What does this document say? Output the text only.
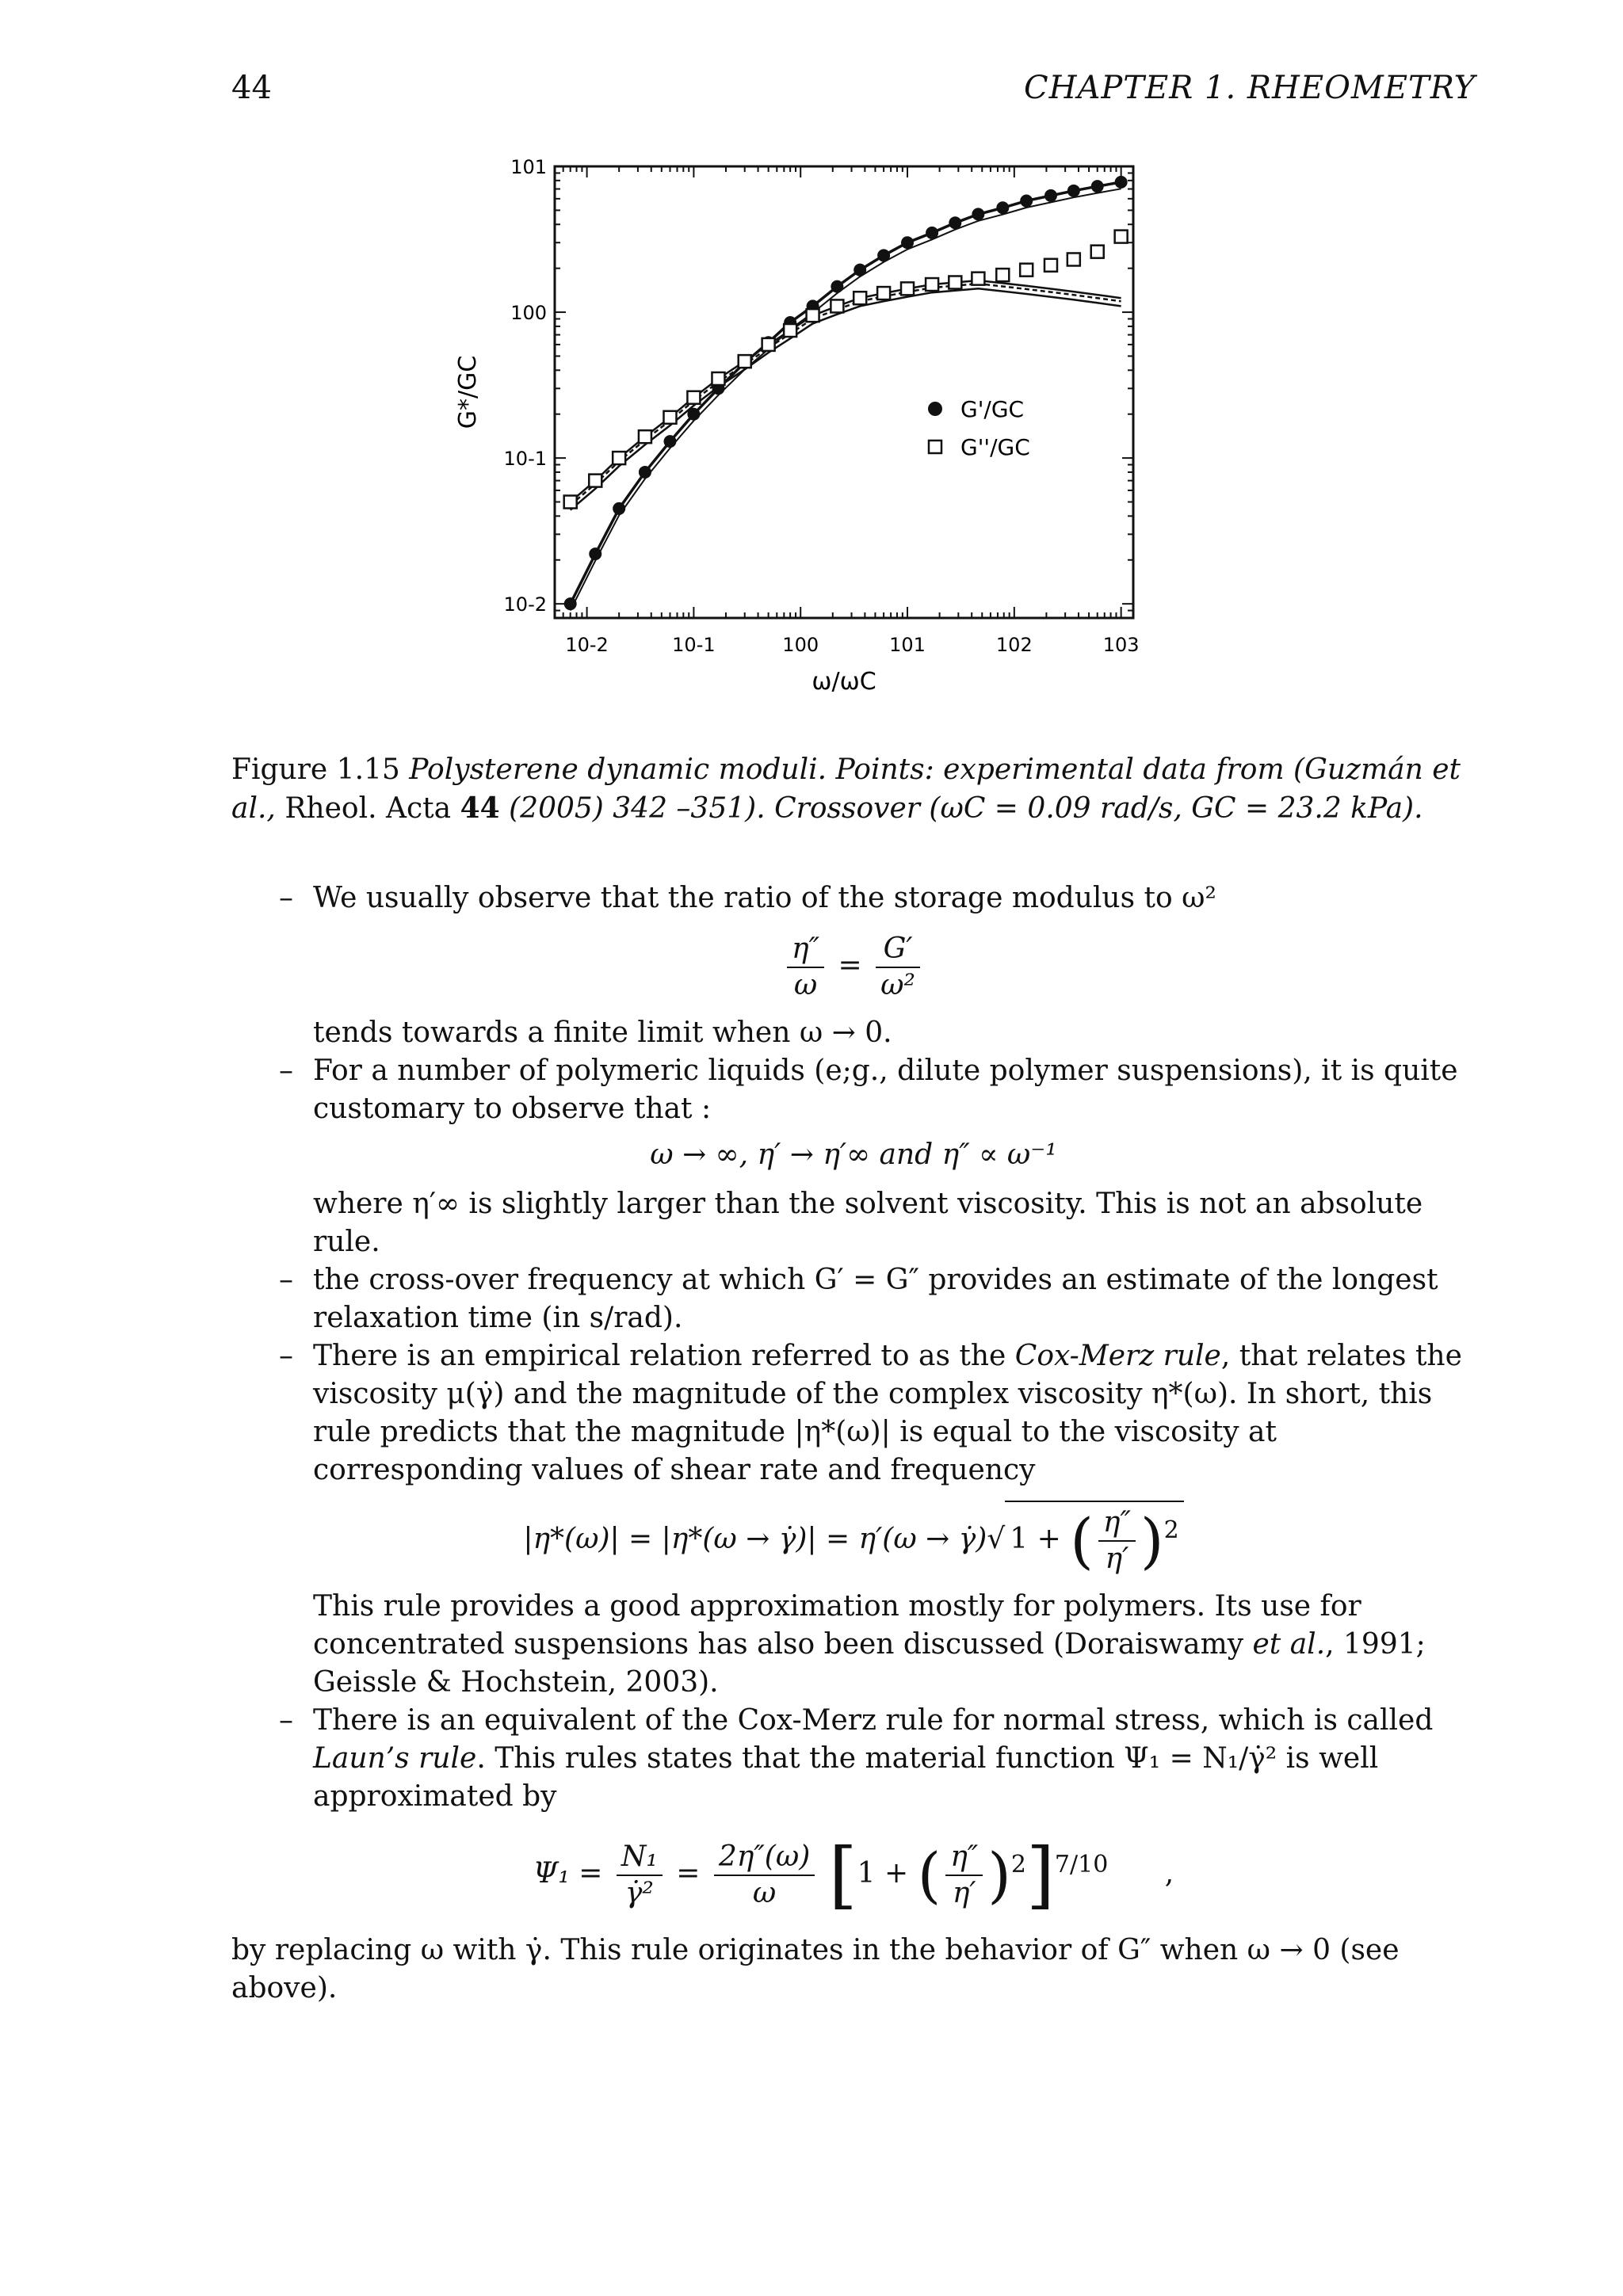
44	CHAPTER 1. RHEOMETRY
10-2	10-1	100	101	102	103
10-2
10-1
100
101
ω/ωC
G*/GC	G'/GC
G''/GC
Figure 1.15 Polysterene dynamic moduli. Points: experimental data from (Guzmán et al., Rheol. Acta 44 (2005) 342 –351). Crossover (ωC = 0.09 rad/s, GC = 23.2 kPa).
– We usually observe that the ratio of the storage modulus to ω²

$\frac{\eta''}{\omega} = \frac{G'}{\text{ω²}}$

tends towards a finite limit when ω → 0.

– For a number of polymeric liquids (e;g., dilute polymer suspensions), it is quite customary to observe that :

ω → ∞, η′ → η′∞ and η″ ∝ ω⁻¹

where η′∞ is slightly larger than the solvent viscosity. This is not an absolute rule.

– the cross-over frequency at which G′ = G″ provides an estimate of the longest relaxation time (in s/rad).

– There is an empirical relation referred to as the Cox-Merz rule, that relates the viscosity μ(γ̇) and the magnitude of the complex viscosity η*(ω). In short, this rule predicts that the magnitude |η*(ω)| is equal to the viscosity at corresponding values of shear rate and frequency

|η*(ω)| = |η*(ω → γ̇)| = η′(ω → γ̇)√ 1 + ( $\frac{\eta''}{\eta'} )^2$

This rule provides a good approximation mostly for polymers. Its use for concentrated suspensions has also been discussed (Doraiswamy et al., 1991; Geissle & Hochstein, 2003).

– There is an equivalent of the Cox-Merz rule for normal stress, which is called Laun’s rule. This rules states that the material function Ψ₁ = N₁/γ̇² is well approximated by

$\Psi_1 = \frac{\text{N₁}}{\text{γ̇²}} = \frac{2\eta''(\omega)}{\omega} [1$ + ( $\frac{\eta''}{\eta'} )^2]^{7/10}$ ,

by replacing ω with γ̇. This rule originates in the behavior of G″ when ω → 0 (see above).
